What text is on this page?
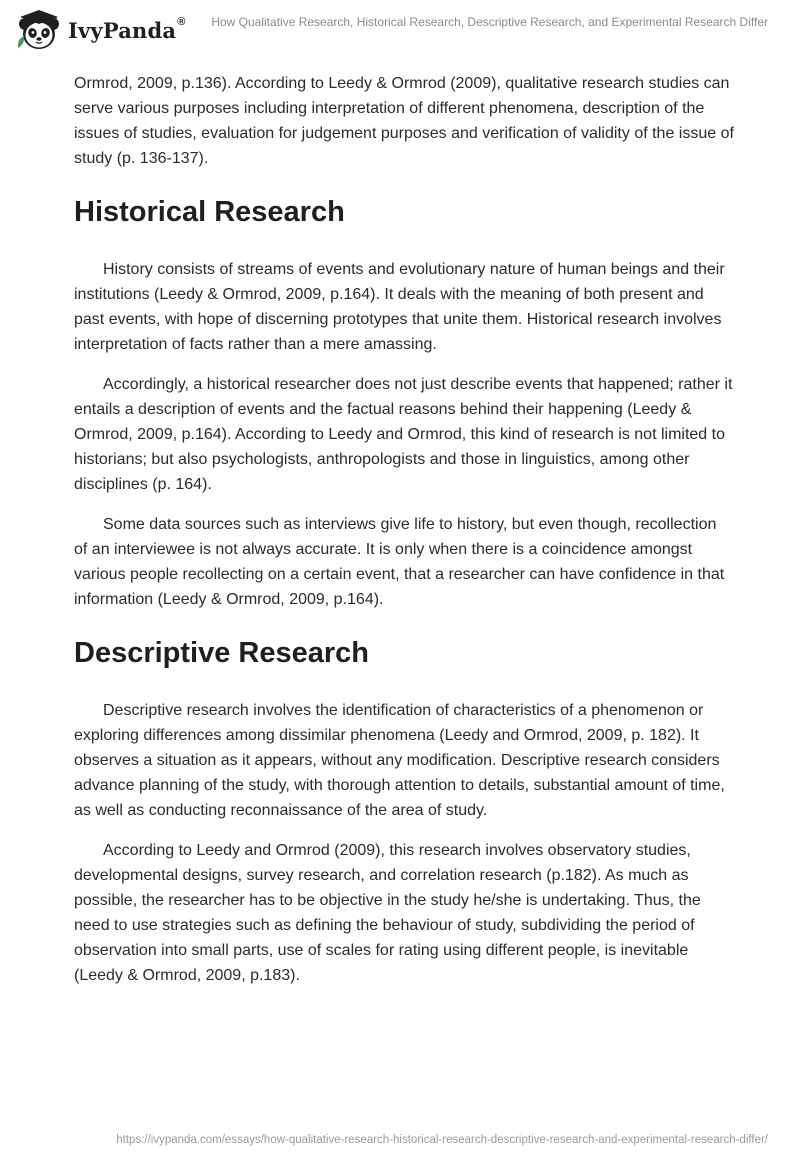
IvyPanda® How Qualitative Research, Historical Research, Descriptive Research, and Experimental Research Differ

Ormrod, 2009, p.136). According to Leedy & Ormrod (2009), qualitative research studies can serve various purposes including interpretation of different phenomena, description of the issues of studies, evaluation for judgement purposes and verification of validity of the issue of study (p. 136-137).

Historical Research

History consists of streams of events and evolutionary nature of human beings and their institutions (Leedy & Ormrod, 2009, p.164). It deals with the meaning of both present and past events, with hope of discerning prototypes that unite them. Historical research involves interpretation of facts rather than a mere amassing.

Accordingly, a historical researcher does not just describe events that happened; rather it entails a description of events and the factual reasons behind their happening (Leedy & Ormrod, 2009, p.164). According to Leedy and Ormrod, this kind of research is not limited to historians; but also psychologists, anthropologists and those in linguistics, among other disciplines (p. 164).

Some data sources such as interviews give life to history, but even though, recollection of an interviewee is not always accurate. It is only when there is a coincidence amongst various people recollecting on a certain event, that a researcher can have confidence in that information (Leedy & Ormrod, 2009, p.164).

Descriptive Research

Descriptive research involves the identification of characteristics of a phenomenon or exploring differences among dissimilar phenomena (Leedy and Ormrod, 2009, p. 182). It observes a situation as it appears, without any modification. Descriptive research considers advance planning of the study, with thorough attention to details, substantial amount of time, as well as conducting reconnaissance of the area of study.

According to Leedy and Ormrod (2009), this research involves observatory studies, developmental designs, survey research, and correlation research (p.182). As much as possible, the researcher has to be objective in the study he/she is undertaking. Thus, the need to use strategies such as defining the behaviour of study, subdividing the period of observation into small parts, use of scales for rating using different people, is inevitable (Leedy & Ormrod, 2009, p.183).

https://ivypanda.com/essays/how-qualitative-research-historical-research-descriptive-research-and-experimental-research-differ/
